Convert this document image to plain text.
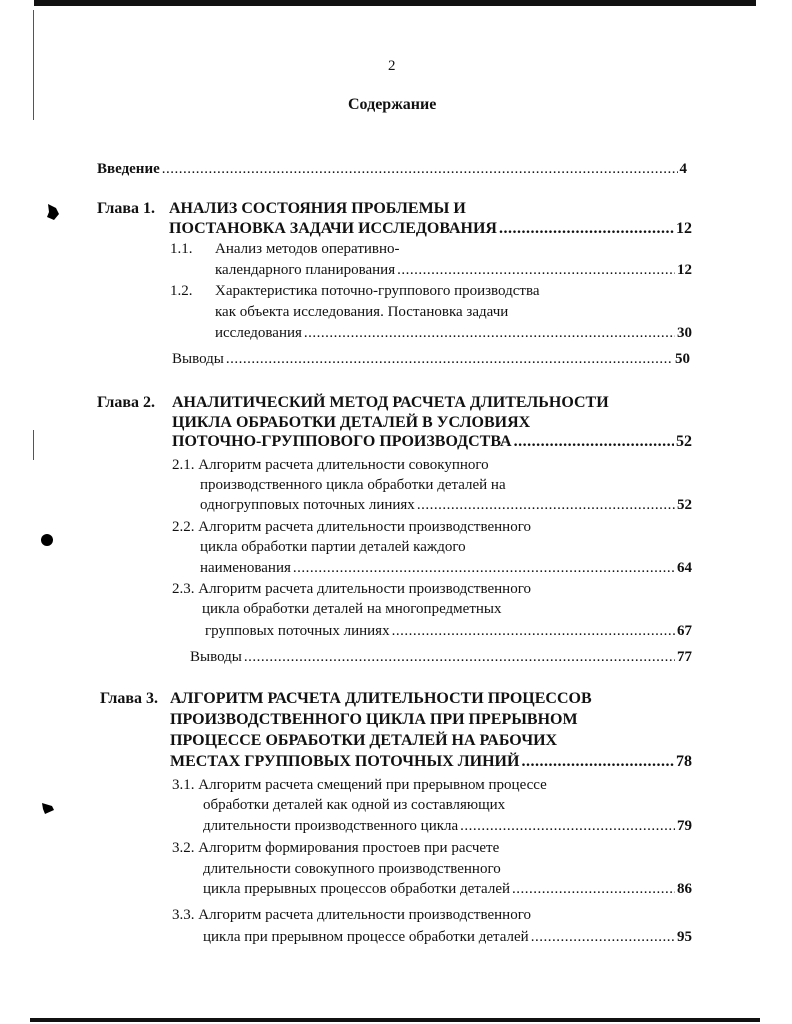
2
Содержание
Введение .....	4
Глава 1. АНАЛИЗ СОСТОЯНИЯ ПРОБЛЕМЫ И
ПОСТАНОВКА ЗАДАЧИ ИССЛЕДОВАНИЯ .....	12
1.1. Анализ методов оперативно-
календарного планирования .....	12
1.2. Характеристика поточно-группового производства
как объекта исследования. Постановка задачи
исследования .....	30
Выводы .....	50
Глава 2. АНАЛИТИЧЕСКИЙ МЕТОД РАСЧЕТА ДЛИТЕЛЬНОСТИ
ЦИКЛА ОБРАБОТКИ ДЕТАЛЕЙ В УСЛОВИЯХ
ПОТОЧНО-ГРУППОВОГО ПРОИЗВОДСТВА .....	52
2.1. Алгоритм расчета длительности совокупного
производственного цикла обработки деталей на
одногрупповых поточных линиях .....	52
2.2. Алгоритм расчета длительности производственного
цикла обработки партии деталей каждого
наименования .....	64
2.3. Алгоритм расчета длительности производственного
цикла обработки деталей на многопредметных
групповых поточных линиях .....	67
Выводы .....	77
Глава 3. АЛГОРИТМ РАСЧЕТА ДЛИТЕЛЬНОСТИ ПРОЦЕССОВ
ПРОИЗВОДСТВЕННОГО ЦИКЛА ПРИ ПРЕРЫВНОМ
ПРОЦЕССЕ ОБРАБОТКИ ДЕТАЛЕЙ НА РАБОЧИХ
МЕСТАХ ГРУППОВЫХ ПОТОЧНЫХ ЛИНИЙ .....	78
3.1. Алгоритм расчета смещений при прерывном процессе
обработки деталей как одной из составляющих
длительности производственного цикла .....	79
3.2. Алгоритм формирования простоев при расчете
длительности совокупного производственного
цикла прерывных процессов обработки деталей .....	86
3.3. Алгоритм расчета длительности производственного
цикла при прерывном процессе обработки деталей .....	95
